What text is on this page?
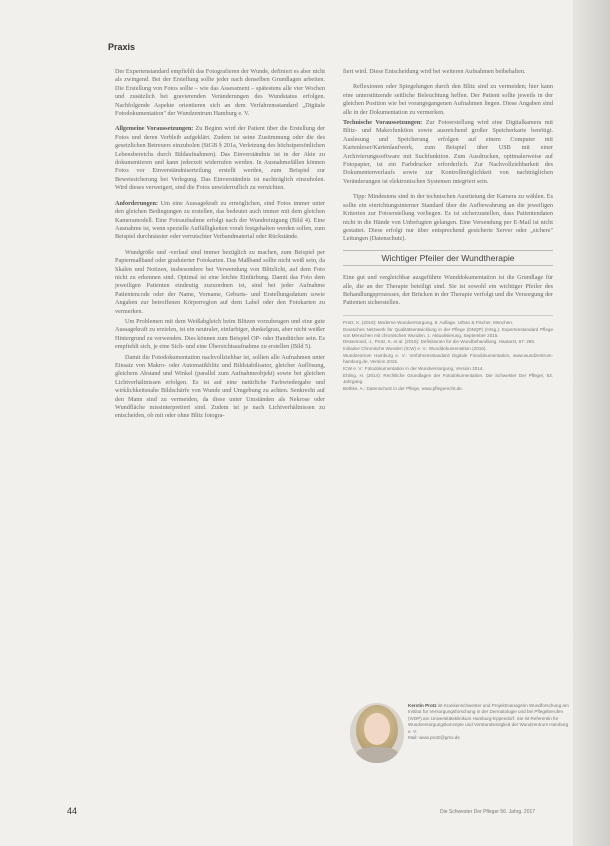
Praxis

Der Expertenstandard empfiehlt das Fotografieren der Wunde, definiert es aber nicht als zwingend. Bei der Erstellung sollte jeder nach denselben Grundlagen arbeiten. Die Erstellung von Fotos sollte – wie das Assessment – spätestens alle vier Wochen und zusätzlich bei gravierenden Veränderungen des Wundstatus erfolgen. Nachfolgende Aspekte orientieren sich an dem Verfahrensstandard „Digitale Fotodokumentation" der Wundzentrum Hamburg e. V.

Allgemeine Voraussetzungen: Zu Beginn wird der Patient über die Erstellung der Fotos und deren Verbleib aufgeklärt. Zudem ist seine Zustimmung oder die des gesetzlichen Betreuers einzuholen (StGB § 201a, Verletzung des höchstpersönlichen Lebensbereichs durch Bildaufnahmen). Das Einverständnis ist in der Akte zu dokumentieren und kann jederzeit widerrufen werden. In Ausnahmefällen können Fotos vor Einverständniserteilung erstellt werden, zum Beispiel zur Beweissicherung bei Verlegung. Das Einverständnis ist nachträglich einzuholen. Wird dieses verweigert, sind die Fotos unwiderruflich zu vernichten.

Anforderungen: Um eine Aussagekraft zu ermöglichen, sind Fotos immer unter den gleichen Bedingungen zu erstellen, das bedeutet auch immer mit dem gleichen Kameramodell. Eine Fotoaufnahme erfolgt nach der Wundreinigung (Bild 4). Eine Ausnahme ist, wenn spezielle Auffälligkeiten vorab festgehalten werden sollen, zum Beispiel durchnässter oder verrutschter Verbandmaterial oder Rückstände.

Wundgröße und -verlauf sind immer bezüglich zu machen, zum Beispiel per Papiermaßband oder graduierter Fotokarten. Das Maßband sollte nicht weiß sein, da Skalen und Notizen, insbesondere bei Verwendung von Blitzlicht, auf dem Foto nicht zu erkennen sind. Optimal ist eine leichte Einfärbung. Damit das Foto dem jeweiligen Patienten eindeutig zuzuordnen ist, sind bei jeder Aufnahme Patientencode oder der Name, Vorname, Geburts- und Erstellungsdatum sowie Angaben zur betroffenen Körperregion auf dem Label oder den Fotokarten zu vermerken.

Um Problemen mit dem Weißabgleich beim Blitzen vorzubeugen und eine gute Aussagekraft zu erzielen, ist ein neutraler, einfarbiger, dunkelgrau, aber nicht weißer Hintergrund zu verwenden. Dies können zum Beispiel OP- oder Handtücher sein. Es empfiehlt sich, je eine Sich- und eine Übersichtsaufnahme zu erstellen (Bild 5).

Damit die Fotodokumentation nachvollziehbar ist, sollten alle Aufnahmen unter Einsatz von Makro- oder Automatikblitz und Bildstabilisator, gleicher Auflösung, gleichem Abstand und Winkel (parallel zum Aufnahmeobjekt) sowie bei gleichen Lichtverhältnissen erfolgen. Es ist auf eine natürliche Farbwiedergabe und wirklichkeitsnahe Bildschärfe von Wunde und Umgebung zu achten. Senkrecht auf den Mann sind zu vermeiden, da diese unter Umständen als Nekrose oder Wundfläche missinterpretiert sind. Zudem ist je nach Lichtverhältnissen zu entscheiden, ob mit oder ohne Blitz fotogra-

fiert wird. Diese Entscheidung wird bei weiteren Aufnahmen beibehalten.

Reflexionen oder Spiegelungen durch den Blitz sind zu vermeiden; hier kann eine unterstützende seitliche Beleuchtung helfen. Der Patient sollte jeweils in der gleichen Position wie bei vorangegangenen Aufnahmen liegen. Diese Angaben sind alle in der Dokumentation zu vermerken.

Technische Voraussetzungen: Zur Fotoerstellung wird eine Digitalkamera mit Blitz- und Makrofunktion sowie ausreichend großer Speicherkarte benötigt. Auslesung und Speicherung erfolgen auf einem Computer mit Kartenleser/Kartenlaufwerk, zum Beispiel über USB mit einer Archivierungssoftware mit Suchfunktion. Zum Ausdrucken, optimalerweise auf Fotopapier, ist ein Farbdrucker erforderlich. Zur Nachvollziehbarkeit des Dokumentenverlaufs sowie zur Kontrollmöglichkeit von nachträglichen Veränderungen ist elektronischen Systemen integriert sein.

Tipp: Mindestens sind in der technischen Ausrüstung der Kamera zu wählen. Es sollte ein einrichtungsinterner Standard über die Aufbewahrung an die jeweiligen Kriterien zur Fotoerstellung vorliegen. Es ist sicherzustellen, dass Patientendaten nicht in die Hände von Unbefugten gelangen. Eine Versendung per E-Mail ist nicht gestattet. Diese erfolgt nur über entsprechend gesicherte Server oder „sichere" Leitungen (Datenschutz).

Wichtiger Pfeiler der Wundtherapie

Eine gut und vergleichbar ausgeführte Wunddokumentation ist die Grundlage für alle, die an der Therapie beteiligt sind. Sie ist sowohl ein wichtiger Pfeiler des Behandlungsprozesses, der Brücken in der Therapie verfolgt und die Versorgung der Patienten sicherstellen.

Protz, K. (2016): Moderne Wundversorgung, 8. Auflage. Urban & Fischer, München.
Deutsches Netzwerk für Qualitätsentwicklung in der Pflege (DNQP) (Hrsg.): Expertenstandard Pflege von Menschen mit chronischen Wunden, 1. Aktualisierung, September 2015.
Dissemond, J., Protz, K. et al. (2016): Definitionen für die Wundbehandlung. Hautarzt, 67: 265.
Initiative Chronische Wunden (ICW) e. V.: Wunddokumentation (2016).
Wundzentrum Hamburg e. V.: Verfahrensstandard Digitale Fotodokumentation, www.wundzentrum-hamburg.de, Version 2015.
ICW e. V.: Fotodokumentation in der Wundversorgung, Version 2014.
Ehling, H. (2014): Rechtliche Grundlagen der Fotodokumentation. Die Schwester Der Pfleger, 53. Jahrgang.
Bethke, A.: Datenschutz in der Pflege, www.pflegerecht.de.
Kerstin Protz ist Krankenschwester und Projektmanagerin Wundforschung am Institut für Versorgungsforschung in der Dermatologie und bei Pflegeberufen (IVDP) am Universitätsklinikum Hamburg-Eppendorf. Sie ist Referentin für Wundversorgungskonzepte und Vorstandsmitglied der Wundzentrum Hamburg e. V.
Mail: www.protz@gmx.de
44	Die Schwester Der Pfleger 56. Jahrg. 2017
